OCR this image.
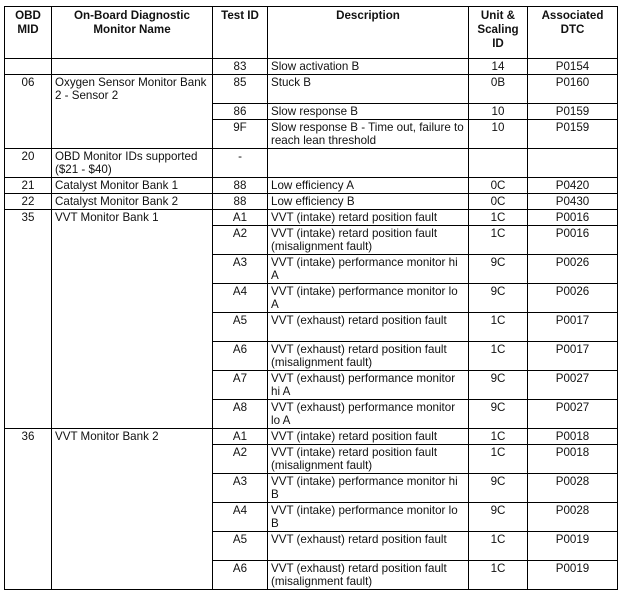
OBD MID	On-Board Diagnostic Monitor Name	Test ID	Description	Unit & Scaling ID	Associated DTC
		83	Slow activation B	14	P0154
06	Oxygen Sensor Monitor Bank 2 - Sensor 2	85	Stuck B	0B	P0160
		86	Slow response B	10	P0159
		9F	Slow response B - Time out, failure to reach lean threshold	10	P0159
20	OBD Monitor IDs supported ($21 - $40)	-			
21	Catalyst Monitor Bank 1	88	Low efficiency A	0C	P0420
22	Catalyst Monitor Bank 2	88	Low efficiency B	0C	P0430
35	VVT Monitor Bank 1	A1	VVT (intake) retard position fault	1C	P0016
		A2	VVT (intake) retard position fault (misalignment fault)	1C	P0016
		A3	VVT (intake) performance monitor hi A	9C	P0026
		A4	VVT (intake) performance monitor lo A	9C	P0026
		A5	VVT (exhaust) retard position fault	1C	P0017
		A6	VVT (exhaust) retard position fault (misalignment fault)	1C	P0017
		A7	VVT (exhaust) performance monitor hi A	9C	P0027
		A8	VVT (exhaust) performance monitor lo A	9C	P0027
36	VVT Monitor Bank 2	A1	VVT (intake) retard position fault	1C	P0018
		A2	VVT (intake) retard position fault (misalignment fault)	1C	P0018
		A3	VVT (intake) performance monitor hi B	9C	P0028
		A4	VVT (intake) performance monitor lo B	9C	P0028
		A5	VVT (exhaust) retard position fault	1C	P0019
		A6	VVT (exhaust) retard position fault (misalignment fault)	1C	P0019
